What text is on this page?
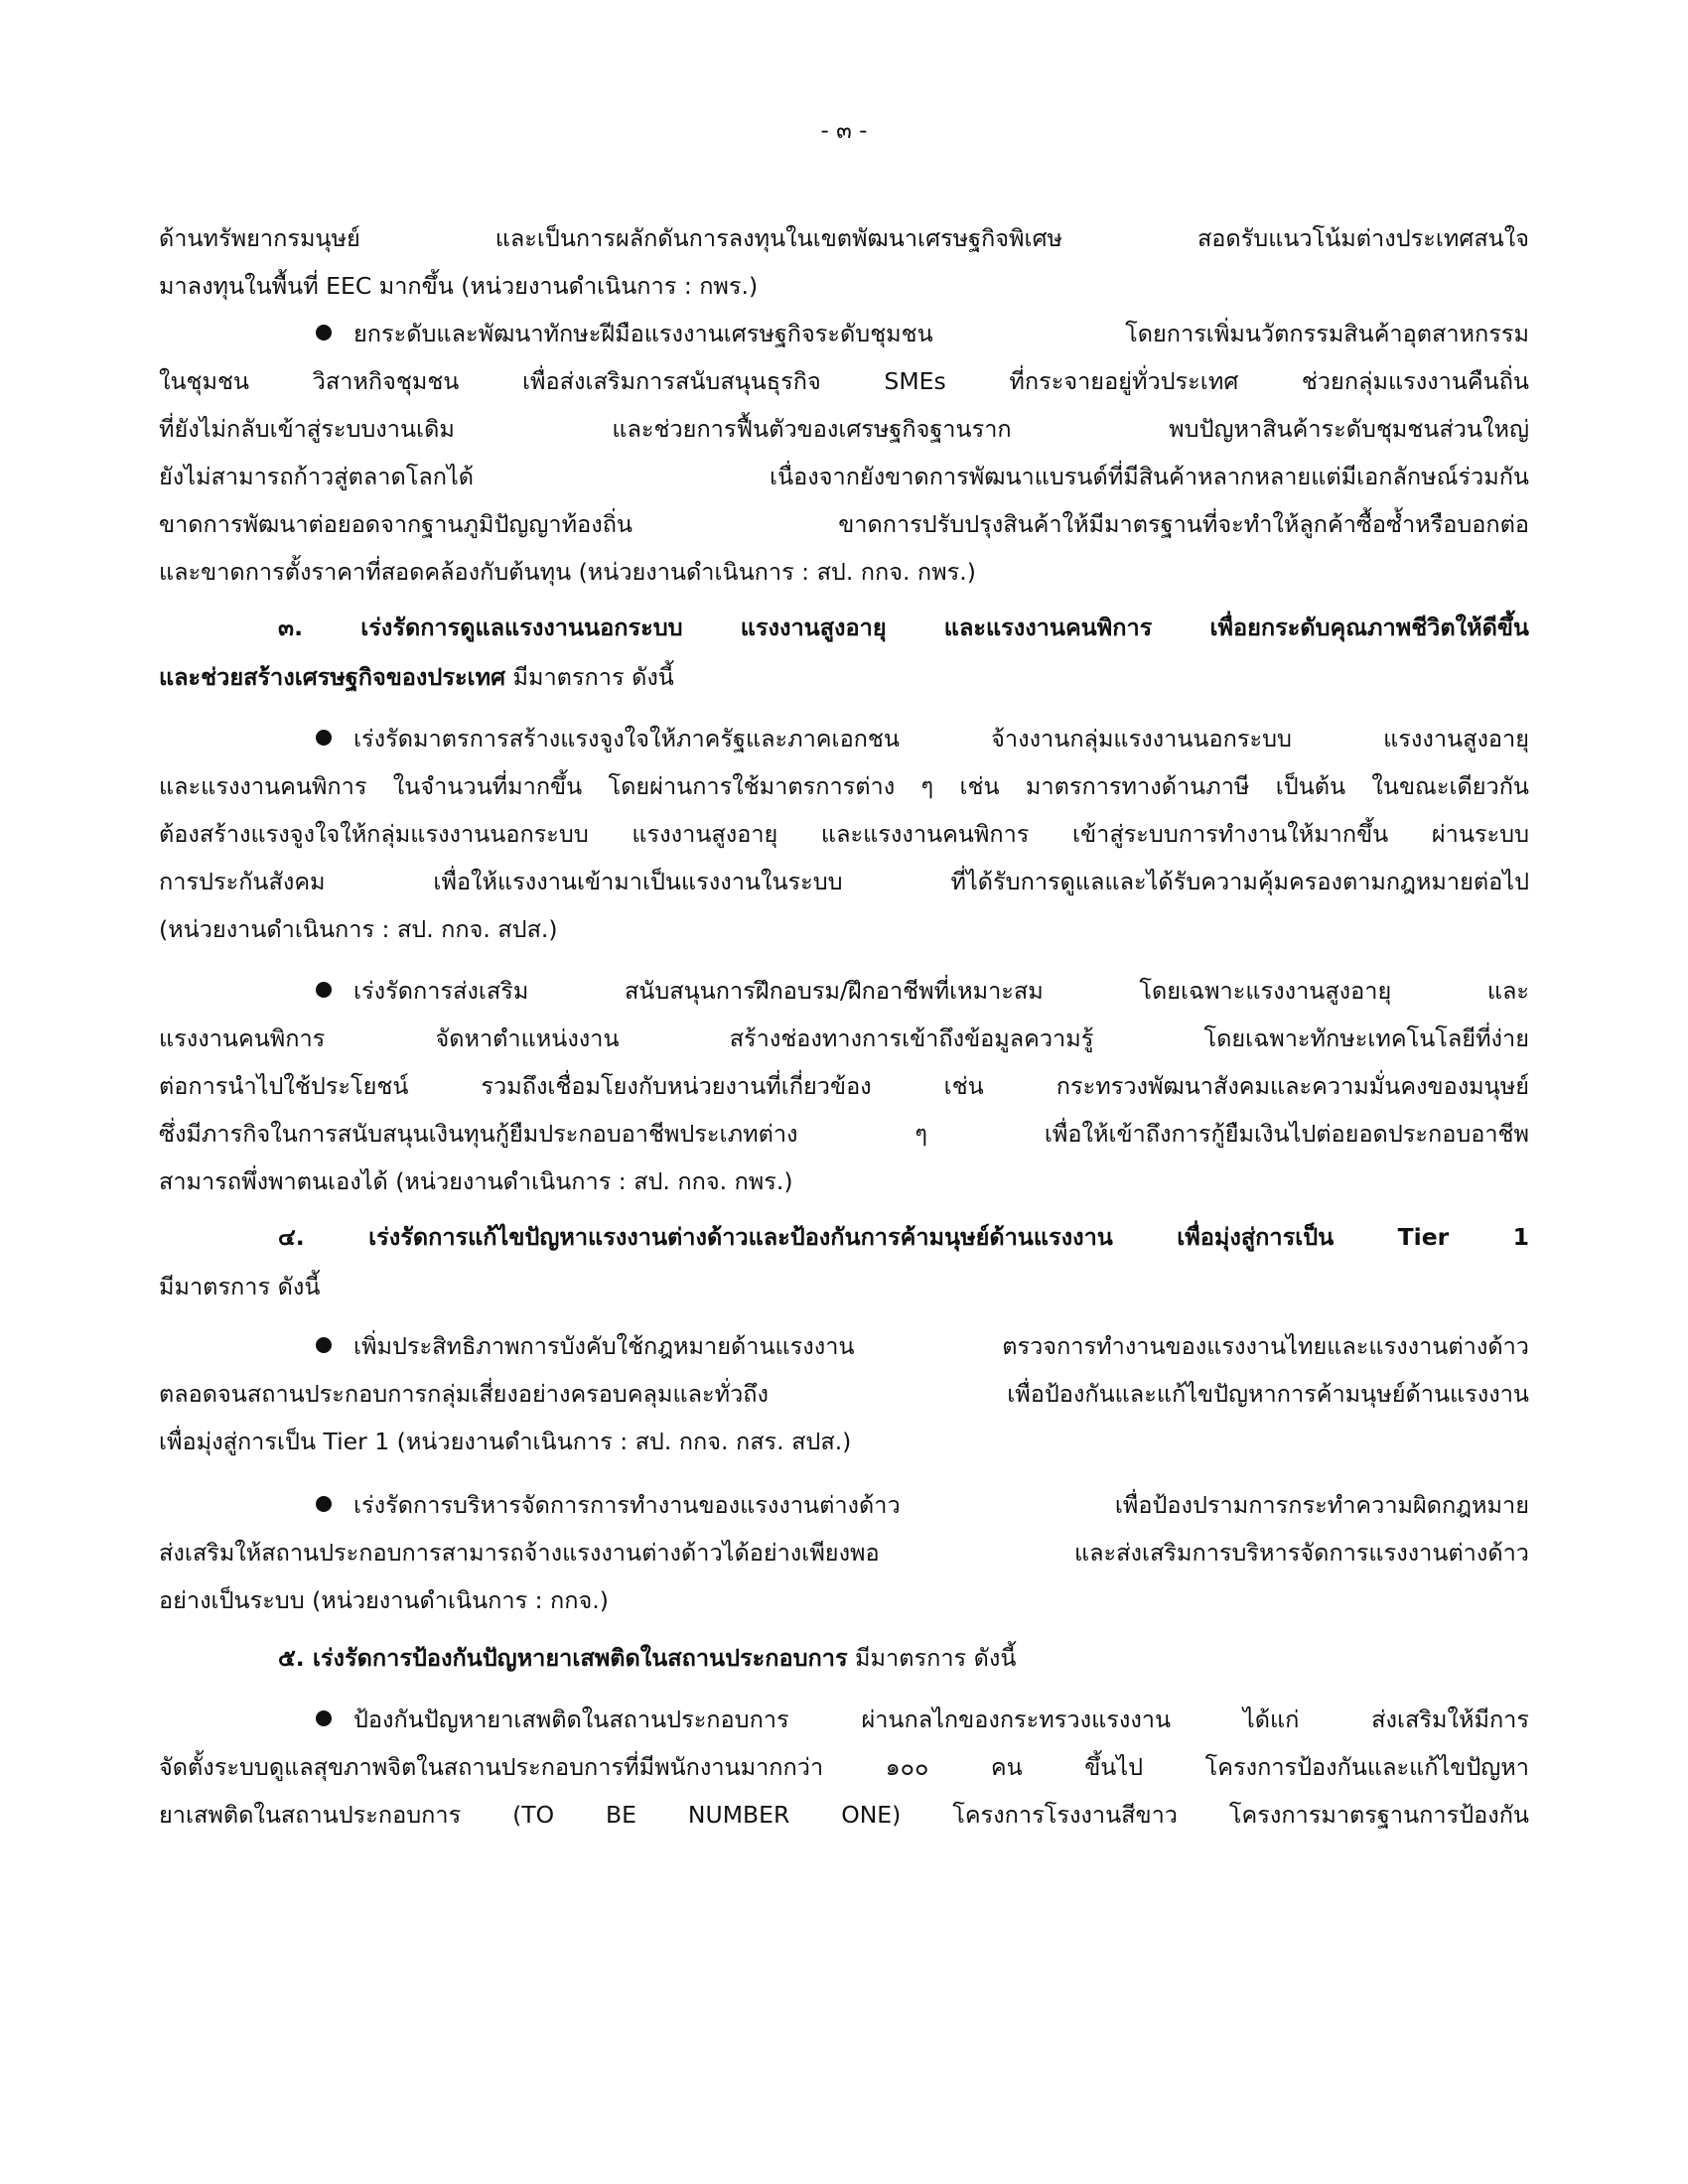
- ๓ -
ด้านทรัพยากรมนุษย์ และเป็นการผลักดันการลงทุนในเขตพัฒนาเศรษฐกิจพิเศษ สอดรับแนวโน้มต่างประเทศสนใจ
มาลงทุนในพื้นที่ EEC มากขึ้น (หน่วยงานดำเนินการ : กพร.)
ยกระดับและพัฒนาทักษะฝีมือแรงงานเศรษฐกิจระดับชุมชน โดยการเพิ่มนวัตกรรมสินค้าอุตสาหกรรม
ในชุมชน วิสาหกิจชุมชน เพื่อส่งเสริมการสนับสนุนธุรกิจ SMEs ที่กระจายอยู่ทั่วประเทศ ช่วยกลุ่มแรงงานคืนถิ่น
ที่ยังไม่กลับเข้าสู่ระบบงานเดิม และช่วยการฟื้นตัวของเศรษฐกิจฐานราก พบปัญหาสินค้าระดับชุมชนส่วนใหญ่
ยังไม่สามารถก้าวสู่ตลาดโลกได้ เนื่องจากยังขาดการพัฒนาแบรนด์ที่มีสินค้าหลากหลายแต่มีเอกลักษณ์ร่วมกัน
ขาดการพัฒนาต่อยอดจากฐานภูมิปัญญาท้องถิ่น ขาดการปรับปรุงสินค้าให้มีมาตรฐานที่จะทำให้ลูกค้าซื้อซ้ำหรือบอกต่อ
และขาดการตั้งราคาที่สอดคล้องกับต้นทุน (หน่วยงานดำเนินการ : สป. กกจ. กพร.)
๓. เร่งรัดการดูแลแรงงานนอกระบบ แรงงานสูงอายุ และแรงงานคนพิการ เพื่อยกระดับคุณภาพชีวิตให้ดีขึ้น
และช่วยสร้างเศรษฐกิจของประเทศ มีมาตรการ ดังนี้
เร่งรัดมาตรการสร้างแรงจูงใจให้ภาครัฐและภาคเอกชน จ้างงานกลุ่มแรงงานนอกระบบ แรงงานสูงอายุ
และแรงงานคนพิการ ในจำนวนที่มากขึ้น โดยผ่านการใช้มาตรการต่าง ๆ เช่น มาตรการทางด้านภาษี เป็นต้น ในขณะเดียวกัน
ต้องสร้างแรงจูงใจให้กลุ่มแรงงานนอกระบบ แรงงานสูงอายุ และแรงงานคนพิการ เข้าสู่ระบบการทำงานให้มากขึ้น ผ่านระบบ
การประกันสังคม เพื่อให้แรงงานเข้ามาเป็นแรงงานในระบบ ที่ได้รับการดูแลและได้รับความคุ้มครองตามกฎหมายต่อไป
(หน่วยงานดำเนินการ : สป. กกจ. สปส.)
เร่งรัดการส่งเสริม สนับสนุนการฝึกอบรม/ฝึกอาชีพที่เหมาะสม โดยเฉพาะแรงงานสูงอายุ และ
แรงงานคนพิการ จัดหาตำแหน่งงาน สร้างช่องทางการเข้าถึงข้อมูลความรู้ โดยเฉพาะทักษะเทคโนโลยีที่ง่าย
ต่อการนำไปใช้ประโยชน์ รวมถึงเชื่อมโยงกับหน่วยงานที่เกี่ยวข้อง เช่น กระทรวงพัฒนาสังคมและความมั่นคงของมนุษย์
ซึ่งมีภารกิจในการสนับสนุนเงินทุนกู้ยืมประกอบอาชีพประเภทต่าง ๆ เพื่อให้เข้าถึงการกู้ยืมเงินไปต่อยอดประกอบอาชีพ
สามารถพึ่งพาตนเองได้ (หน่วยงานดำเนินการ : สป. กกจ. กพร.)
๔. เร่งรัดการแก้ไขปัญหาแรงงานต่างด้าวและป้องกันการค้ามนุษย์ด้านแรงงาน เพื่อมุ่งสู่การเป็น Tier 1
มีมาตรการ ดังนี้
เพิ่มประสิทธิภาพการบังคับใช้กฎหมายด้านแรงงาน ตรวจการทำงานของแรงงานไทยและแรงงานต่างด้าว
ตลอดจนสถานประกอบการกลุ่มเสี่ยงอย่างครอบคลุมและทั่วถึง เพื่อป้องกันและแก้ไขปัญหาการค้ามนุษย์ด้านแรงงาน
เพื่อมุ่งสู่การเป็น Tier 1 (หน่วยงานดำเนินการ : สป. กกจ. กสร. สปส.)
เร่งรัดการบริหารจัดการการทำงานของแรงงานต่างด้าว เพื่อป้องปรามการกระทำความผิดกฎหมาย
ส่งเสริมให้สถานประกอบการสามารถจ้างแรงงานต่างด้าวได้อย่างเพียงพอ และส่งเสริมการบริหารจัดการแรงงานต่างด้าว
อย่างเป็นระบบ (หน่วยงานดำเนินการ : กกจ.)
๕. เร่งรัดการป้องกันปัญหายาเสพติดในสถานประกอบการ มีมาตรการ ดังนี้
ป้องกันปัญหายาเสพติดในสถานประกอบการ ผ่านกลไกของกระทรวงแรงงาน ได้แก่ ส่งเสริมให้มีการ
จัดตั้งระบบดูแลสุขภาพจิตในสถานประกอบการที่มีพนักงานมากกว่า ๑๐๐ คน ขึ้นไป โครงการป้องกันและแก้ไขปัญหา
ยาเสพติดในสถานประกอบการ (TO BE NUMBER ONE) โครงการโรงงานสีขาว โครงการมาตรฐานการป้องกัน
